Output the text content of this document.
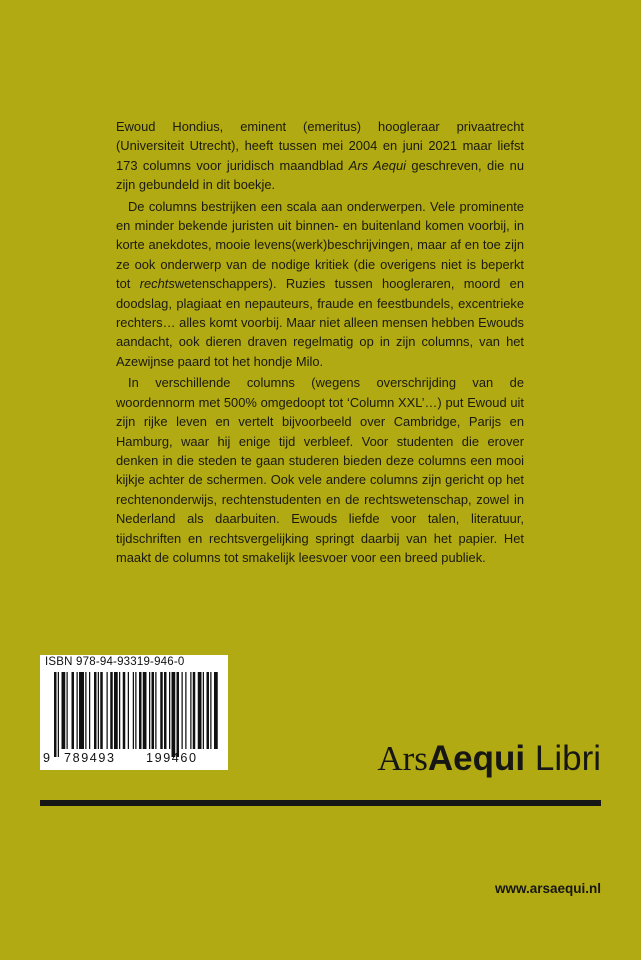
Ewoud Hondius, eminent (emeritus) hoogleraar privaatrecht (Universiteit Utrecht), heeft tussen mei 2004 en juni 2021 maar liefst 173 columns voor juridisch maandblad Ars Aequi geschreven, die nu zijn gebundeld in dit boekje.

De columns bestrijken een scala aan onderwerpen. Vele prominente en minder bekende juristen uit binnen- en buitenland komen voorbij, in korte anekdotes, mooie levens(werk)beschrijvingen, maar af en toe zijn ze ook onderwerp van de nodige kritiek (die overigens niet is beperkt tot rechtswetenschappers). Ruzies tussen hoogleraren, moord en doodslag, plagiaat en nepauteurs, fraude en feestbundels, excentrieke rechters… alles komt voorbij. Maar niet alleen mensen hebben Ewouds aandacht, ook dieren draven regelmatig op in zijn columns, van het Azewijnse paard tot het hondje Milo.

In verschillende columns (wegens overschrijding van de woordennorm met 500% omgedoopt tot ‘Column XXL’…) put Ewoud uit zijn rijke leven en vertelt bijvoorbeeld over Cambridge, Parijs en Hamburg, waar hij enige tijd verbleef. Voor studenten die erover denken in die steden te gaan studeren bieden deze columns een mooi kijkje achter de schermen. Ook vele andere columns zijn gericht op het rechtenonderwijs, rechtenstudenten en de rechtswetenschap, zowel in Nederland als daarbuiten. Ewouds liefde voor talen, literatuur, tijdschriften en rechtsvergelijking springt daarbij van het papier. Het maakt de columns tot smakelijk leesvoer voor een breed publiek.

ISBN 978-94-93319-946-0
9 789493 199460	ArsAequi Libri
www.arsaequi.nl
